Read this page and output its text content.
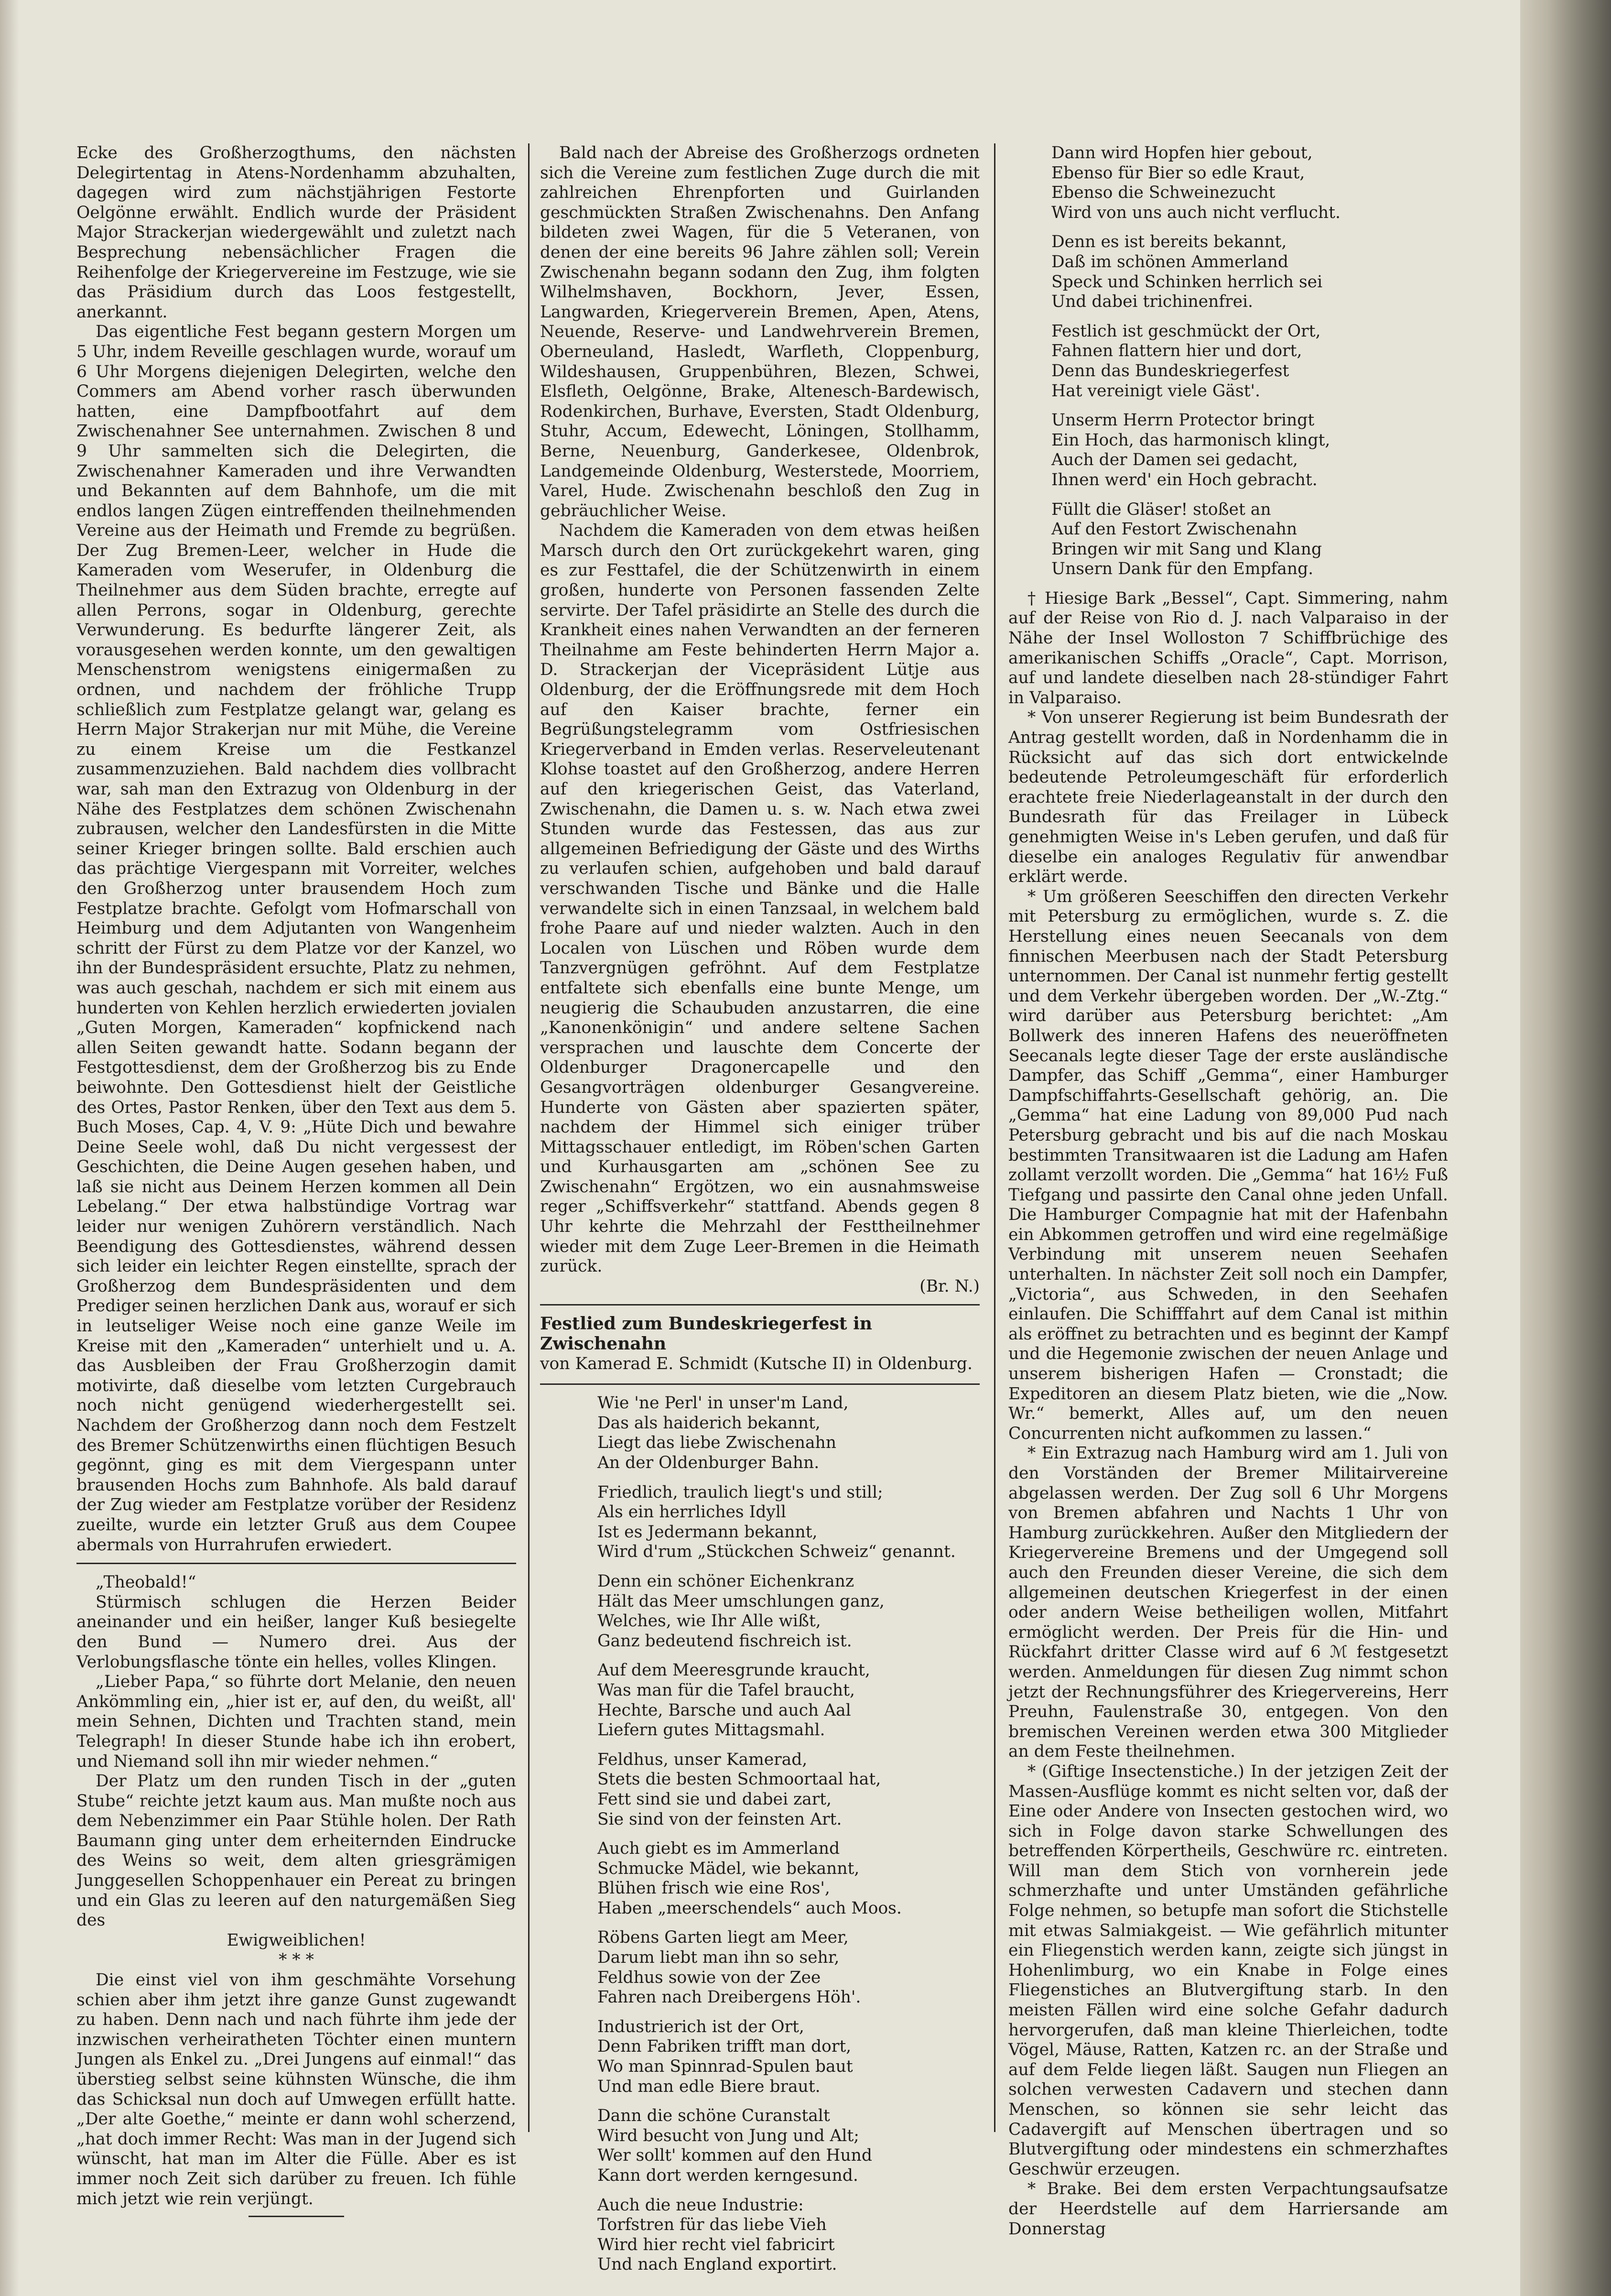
Ecke des Großherzogthums, den nächsten Delegirtentag in Atens-Nordenhamm abzuhalten, dagegen wird zum nächstjährigen Festorte Oelgönne erwählt. Endlich wurde der Präsident Major Strackerjan wiedergewählt und zuletzt nach Besprechung nebensächlicher Fragen die Reihenfolge der Kriegervereine im Festzuge, wie sie das Präsidium durch das Loos festgestellt, anerkannt.

Das eigentliche Fest begann gestern Morgen um 5 Uhr, indem Reveille geschlagen wurde, worauf um 6 Uhr Morgens diejenigen Delegirten, welche den Commers am Abend vorher rasch überwunden hatten, eine Dampfbootfahrt auf dem Zwischenahner See unternahmen. Zwischen 8 und 9 Uhr sammelten sich die Delegirten, die Zwischenahner Kameraden und ihre Verwandten und Bekannten auf dem Bahnhofe, um die mit endlos langen Zügen eintreffenden theilnehmenden Vereine aus der Heimath und Fremde zu begrüßen. Der Zug Bremen-Leer, welcher in Hude die Kameraden vom Weserufer, in Oldenburg die Theilnehmer aus dem Süden brachte, erregte auf allen Perrons, sogar in Oldenburg, gerechte Verwunderung. Es bedurfte längerer Zeit, als vorausgesehen werden konnte, um den gewaltigen Menschenstrom wenigstens einigermaßen zu ordnen, und nachdem der fröhliche Trupp schließlich zum Festplatze gelangt war, gelang es Herrn Major Strakerjan nur mit Mühe, die Vereine zu einem Kreise um die Festkanzel zusammenzuziehen. Bald nachdem dies vollbracht war, sah man den Extrazug von Oldenburg in der Nähe des Festplatzes dem schönen Zwischenahn zubrausen, welcher den Landesfürsten in die Mitte seiner Krieger bringen sollte. Bald erschien auch das prächtige Viergespann mit Vorreiter, welches den Großherzog unter brausendem Hoch zum Festplatze brachte. Gefolgt vom Hofmarschall von Heimburg und dem Adjutanten von Wangenheim schritt der Fürst zu dem Platze vor der Kanzel, wo ihn der Bundespräsident ersuchte, Platz zu nehmen, was auch geschah, nachdem er sich mit einem aus hunderten von Kehlen herzlich erwiederten jovialen „Guten Morgen, Kameraden“ kopfnickend nach allen Seiten gewandt hatte. Sodann begann der Festgottesdienst, dem der Großherzog bis zu Ende beiwohnte. Den Gottesdienst hielt der Geistliche des Ortes, Pastor Renken, über den Text aus dem 5. Buch Moses, Cap. 4, V. 9: „Hüte Dich und bewahre Deine Seele wohl, daß Du nicht vergessest der Geschichten, die Deine Augen gesehen haben, und laß sie nicht aus Deinem Herzen kommen all Dein Lebelang.“ Der etwa halbstündige Vortrag war leider nur wenigen Zuhörern verständlich. Nach Beendigung des Gottesdienstes, während dessen sich leider ein leichter Regen einstellte, sprach der Großherzog dem Bundespräsidenten und dem Prediger seinen herzlichen Dank aus, worauf er sich in leutseliger Weise noch eine ganze Weile im Kreise mit den „Kameraden“ unterhielt und u. A. das Ausbleiben der Frau Großherzogin damit motivirte, daß dieselbe vom letzten Curgebrauch noch nicht genügend wiederhergestellt sei. Nachdem der Großherzog dann noch dem Festzelt des Bremer Schützenwirths einen flüchtigen Besuch gegönnt, ging es mit dem Viergespann unter brausenden Hochs zum Bahnhofe. Als bald darauf der Zug wieder am Festplatze vorüber der Residenz zueilte, wurde ein letzter Gruß aus dem Coupee abermals von Hurrahrufen erwiedert.

„Theobald!“

Stürmisch schlugen die Herzen Beider aneinander und ein heißer, langer Kuß besiegelte den Bund — Numero drei. Aus der Verlobungsflasche tönte ein helles, volles Klingen.

„Lieber Papa,“ so führte dort Melanie, den neuen Ankömmling ein, „hier ist er, auf den, du weißt, all' mein Sehnen, Dichten und Trachten stand, mein Telegraph! In dieser Stunde habe ich ihn erobert, und Niemand soll ihn mir wieder nehmen.“

Der Platz um den runden Tisch in der „guten Stube“ reichte jetzt kaum aus. Man mußte noch aus dem Nebenzimmer ein Paar Stühle holen. Der Rath Baumann ging unter dem erheiternden Eindrucke des Weins so weit, dem alten griesgrämigen Junggesellen Schoppenhauer ein Pereat zu bringen und ein Glas zu leeren auf den naturgemäßen Sieg des

Ewigweiblichen!

* * *

Die einst viel von ihm geschmähte Vorsehung schien aber ihm jetzt ihre ganze Gunst zugewandt zu haben. Denn nach und nach führte ihm jede der inzwischen verheiratheten Töchter einen muntern Jungen als Enkel zu. „Drei Jungens auf einmal!“ das überstieg selbst seine kühnsten Wünsche, die ihm das Schicksal nun doch auf Umwegen erfüllt hatte. „Der alte Goethe,“ meinte er dann wohl scherzend, „hat doch immer Recht: Was man in der Jugend sich wünscht, hat man im Alter die Fülle. Aber es ist immer noch Zeit sich darüber zu freuen. Ich fühle mich jetzt wie rein verjüngt.

Bald nach der Abreise des Großherzogs ordneten sich die Vereine zum festlichen Zuge durch die mit zahlreichen Ehrenpforten und Guirlanden geschmückten Straßen Zwischenahns. Den Anfang bildeten zwei Wagen, für die 5 Veteranen, von denen der eine bereits 96 Jahre zählen soll; Verein Zwischenahn begann sodann den Zug, ihm folgten Wilhelmshaven, Bockhorn, Jever, Essen, Langwarden, Kriegerverein Bremen, Apen, Atens, Neuende, Reserve- und Landwehrverein Bremen, Oberneuland, Hasledt, Warfleth, Cloppenburg, Wildeshausen, Gruppenbühren, Blezen, Schwei, Elsfleth, Oelgönne, Brake, Altenesch-Bardewisch, Rodenkirchen, Burhave, Eversten, Stadt Oldenburg, Stuhr, Accum, Edewecht, Löningen, Stollhamm, Berne, Neuenburg, Ganderkesee, Oldenbrok, Landgemeinde Oldenburg, Westerstede, Moorriem, Varel, Hude. Zwischenahn beschloß den Zug in gebräuchlicher Weise.

Nachdem die Kameraden von dem etwas heißen Marsch durch den Ort zurückgekehrt waren, ging es zur Festtafel, die der Schützenwirth in einem großen, hunderte von Personen fassenden Zelte servirte. Der Tafel präsidirte an Stelle des durch die Krankheit eines nahen Verwandten an der ferneren Theilnahme am Feste behinderten Herrn Major a. D. Strackerjan der Vicepräsident Lütje aus Oldenburg, der die Eröffnungsrede mit dem Hoch auf den Kaiser brachte, ferner ein Begrüßungstelegramm vom Ostfriesischen Kriegerverband in Emden verlas. Reserveleutenant Klohse toastet auf den Großherzog, andere Herren auf den kriegerischen Geist, das Vaterland, Zwischenahn, die Damen u. s. w. Nach etwa zwei Stunden wurde das Festessen, das aus zur allgemeinen Befriedigung der Gäste und des Wirths zu verlaufen schien, aufgehoben und bald darauf verschwanden Tische und Bänke und die Halle verwandelte sich in einen Tanzsaal, in welchem bald frohe Paare auf und nieder walzten. Auch in den Localen von Lüschen und Röben wurde dem Tanzvergnügen gefröhnt. Auf dem Festplatze entfaltete sich ebenfalls eine bunte Menge, um neugierig die Schaubuden anzustarren, die eine „Kanonenkönigin“ und andere seltene Sachen versprachen und lauschte dem Concerte der Oldenburger Dragonercapelle und den Gesangvorträgen oldenburger Gesangvereine. Hunderte von Gästen aber spazierten später, nachdem der Himmel sich einiger trüber Mittagsschauer entledigt, im Röben'schen Garten und Kurhausgarten am „schönen See zu Zwischenahn“ Ergötzen, wo ein ausnahmsweise reger „Schiffsverkehr“ stattfand. Abends gegen 8 Uhr kehrte die Mehrzahl der Festtheilnehmer wieder mit dem Zuge Leer-Bremen in die Heimath zurück.

(Br. N.)

Festlied zum Bundeskriegerfest in Zwischenahn

von Kamerad E. Schmidt (Kutsche II) in Oldenburg.

Wie 'ne Perl' in unser'm Land,
Das als haiderich bekannt,
Liegt das liebe Zwischenahn
An der Oldenburger Bahn.

Friedlich, traulich liegt's und still;
Als ein herrliches Idyll
Ist es Jedermann bekannt,
Wird d'rum „Stückchen Schweiz“ genannt.

Denn ein schöner Eichenkranz
Hält das Meer umschlungen ganz,
Welches, wie Ihr Alle wißt,
Ganz bedeutend fischreich ist.

Auf dem Meeresgrunde kraucht,
Was man für die Tafel braucht,
Hechte, Barsche und auch Aal
Liefern gutes Mittagsmahl.

Feldhus, unser Kamerad,
Stets die besten Schmoortaal hat,
Fett sind sie und dabei zart,
Sie sind von der feinsten Art.

Auch giebt es im Ammerland
Schmucke Mädel, wie bekannt,
Blühen frisch wie eine Ros',
Haben „meerschendels“ auch Moos.

Röbens Garten liegt am Meer,
Darum liebt man ihn so sehr,
Feldhus sowie von der Zee
Fahren nach Dreibergens Höh'.

Industrierich ist der Ort,
Denn Fabriken trifft man dort,
Wo man Spinnrad-Spulen baut
Und man edle Biere braut.

Dann die schöne Curanstalt
Wird besucht von Jung und Alt;
Wer sollt' kommen auf den Hund
Kann dort werden kerngesund.

Auch die neue Industrie:
Torfstren für das liebe Vieh
Wird hier recht viel fabricirt
Und nach England exportirt.

Dann wird Hopfen hier gebout,
Ebenso für Bier so edle Kraut,
Ebenso die Schweinezucht
Wird von uns auch nicht verflucht.

Denn es ist bereits bekannt,
Daß im schönen Ammerland
Speck und Schinken herrlich sei
Und dabei trichinenfrei.

Festlich ist geschmückt der Ort,
Fahnen flattern hier und dort,
Denn das Bundeskriegerfest
Hat vereinigt viele Gäst'.

Unserm Herrn Protector bringt
Ein Hoch, das harmonisch klingt,
Auch der Damen sei gedacht,
Ihnen werd' ein Hoch gebracht.

Füllt die Gläser! stoßet an
Auf den Festort Zwischenahn
Bringen wir mit Sang und Klang
Unsern Dank für den Empfang.

† Hiesige Bark „Bessel“, Capt. Simmering, nahm auf der Reise von Rio d. J. nach Valparaiso in der Nähe der Insel Wolloston 7 Schiffbrüchige des amerikanischen Schiffs „Oracle“, Capt. Morrison, auf und landete dieselben nach 28-stündiger Fahrt in Valparaiso.

* Von unserer Regierung ist beim Bundesrath der Antrag gestellt worden, daß in Nordenhamm die in Rücksicht auf das sich dort entwickelnde bedeutende Petroleumgeschäft für erforderlich erachtete freie Niederlageanstalt in der durch den Bundesrath für das Freilager in Lübeck genehmigten Weise in's Leben gerufen, und daß für dieselbe ein analoges Regulativ für anwendbar erklärt werde.

* Um größeren Seeschiffen den directen Verkehr mit Petersburg zu ermöglichen, wurde s. Z. die Herstellung eines neuen Seecanals von dem finnischen Meerbusen nach der Stadt Petersburg unternommen. Der Canal ist nunmehr fertig gestellt und dem Verkehr übergeben worden. Der „W.-Ztg.“ wird darüber aus Petersburg berichtet: „Am Bollwerk des inneren Hafens des neueröffneten Seecanals legte dieser Tage der erste ausländische Dampfer, das Schiff „Gemma“, einer Hamburger Dampfschiffahrts-Gesellschaft gehörig, an. Die „Gemma“ hat eine Ladung von 89,000 Pud nach Petersburg gebracht und bis auf die nach Moskau bestimmten Transitwaaren ist die Ladung am Hafen zollamt verzollt worden. Die „Gemma“ hat 16½ Fuß Tiefgang und passirte den Canal ohne jeden Unfall. Die Hamburger Compagnie hat mit der Hafenbahn ein Abkommen getroffen und wird eine regelmäßige Verbindung mit unserem neuen Seehafen unterhalten. In nächster Zeit soll noch ein Dampfer, „Victoria“, aus Schweden, in den Seehafen einlaufen. Die Schifffahrt auf dem Canal ist mithin als eröffnet zu betrachten und es beginnt der Kampf und die Hegemonie zwischen der neuen Anlage und unserem bisherigen Hafen — Cronstadt; die Expeditoren an diesem Platz bieten, wie die „Now. Wr.“ bemerkt, Alles auf, um den neuen Concurrenten nicht aufkommen zu lassen.“

* Ein Extrazug nach Hamburg wird am 1. Juli von den Vorständen der Bremer Militairvereine abgelassen werden. Der Zug soll 6 Uhr Morgens von Bremen abfahren und Nachts 1 Uhr von Hamburg zurückkehren. Außer den Mitgliedern der Kriegervereine Bremens und der Umgegend soll auch den Freunden dieser Vereine, die sich dem allgemeinen deutschen Kriegerfest in der einen oder andern Weise betheiligen wollen, Mitfahrt ermöglicht werden. Der Preis für die Hin- und Rückfahrt dritter Classe wird auf 6 ℳ festgesetzt werden. Anmeldungen für diesen Zug nimmt schon jetzt der Rechnungsführer des Kriegervereins, Herr Preuhn, Faulenstraße 30, entgegen. Von den bremischen Vereinen werden etwa 300 Mitglieder an dem Feste theilnehmen.

* (Giftige Insectenstiche.) In der jetzigen Zeit der Massen-Ausflüge kommt es nicht selten vor, daß der Eine oder Andere von Insecten gestochen wird, wo sich in Folge davon starke Schwellungen des betreffenden Körpertheils, Geschwüre rc. eintreten. Will man dem Stich von vornherein jede schmerzhafte und unter Umständen gefährliche Folge nehmen, so betupfe man sofort die Stichstelle mit etwas Salmiakgeist. — Wie gefährlich mitunter ein Fliegenstich werden kann, zeigte sich jüngst in Hohenlimburg, wo ein Knabe in Folge eines Fliegenstiches an Blutvergiftung starb. In den meisten Fällen wird eine solche Gefahr dadurch hervorgerufen, daß man kleine Thierleichen, todte Vögel, Mäuse, Ratten, Katzen rc. an der Straße und auf dem Felde liegen läßt. Saugen nun Fliegen an solchen verwesten Cadavern und stechen dann Menschen, so können sie sehr leicht das Cadavergift auf Menschen übertragen und so Blutvergiftung oder mindestens ein schmerzhaftes Geschwür erzeugen.

* Brake. Bei dem ersten Verpachtungsaufsatze der Heerdstelle auf dem Harriersande am Donnerstag
